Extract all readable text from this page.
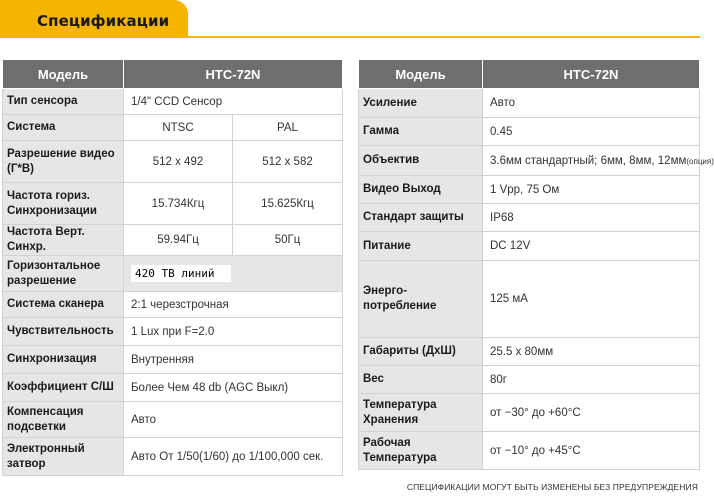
Спецификации
Модель	HTC-72N	
Тип сенсора	1/4" CCD Сенсор	
Система	NTSC	PAL
Разрешение видео (Г*В)	512 x 492	512 x 582
Частота гориз. Синхронизации	15.734Кгц	15.625Кгц
Частота Верт. Синхр.	59.94Гц	50Гц
Горизонтальное разрешение	420 ТВ линий	
Система сканера	2:1 черезстрочная	
Чувствительность	1 Lux при F=2.0	
Синхронизация	Внутренняя	
Коэффициент С/Ш	Более Чем 48 db (AGC Выкл)	
Компенсация подсветки	Авто	
Электронный затвор	Авто От 1/50(1/60) до 1/100,000 сек.	
Модель	HTC-72N
Усиление	Авто
Гамма	0.45
Объектив	3.6мм стандартный; 6мм, 8мм, 12мм(опция)
Видео Выход	1 Vpp, 75 Ом
Стандарт защиты	IP68
Питание	DC 12V
Энерго-потребление	125 мА
Габариты (ДхШ)	25.5 x 80мм
Вес	80г
Температура Хранения	от −30° до +60°C
Рабочая Температура	от −10° до +45°C
СПЕЦИФИКАЦИИ МОГУТ БЫТЬ ИЗМЕНЕНЫ БЕЗ ПРЕДУПРЕЖДЕНИЯ
